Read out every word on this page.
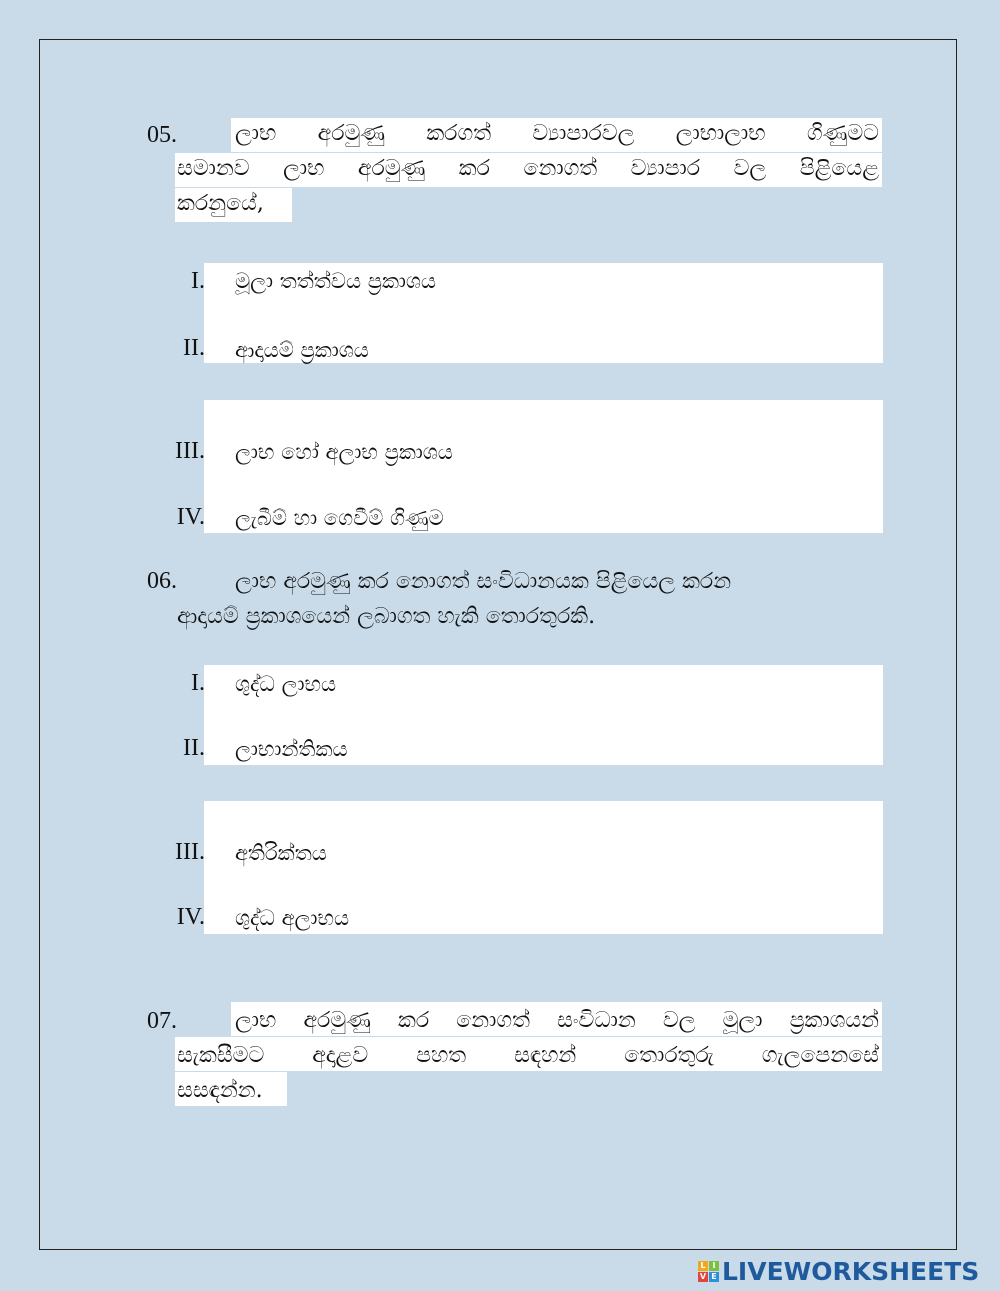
05.	ලාභ අරමුණු කරගත් ව්‍යාපාරවල ලාභාලාභ ගිණුමට
සමානව ලාභ අරමුණු කර නොගත් ව්‍යාපාර වල පිළියෙළ
කරනුයේ,
I. මූලා තත්ත්වය ප්‍රකාශය
II. ආදායම් ප්‍රකාශය
III. ලාභ හෝ අලාභ ප්‍රකාශය
IV. ලැබීම් හා ගෙවීම් ගිණුම
06.	ලාභ අරමුණු කර නොගත් සංවිධානයක පිළියෙල කරන
ආදායම් ප්‍රකාශයෙන් ලබාගත හැකි තොරතුරකි.
I. ශුද්ධ ලාභය
II. ලාභාන්තිකය
III. අතිරික්තය
IV. ශුද්ධ අලාභය
07.	ලාභ අරමුණු කර නොගත් සංවිධාන වල මූලා ප්‍රකාශයන්
සැකසීමට අදාළව පහත සඳහන් තොරතුරු ගැලපෙනසේ
සසඳන්න.
L I
V E LIVEWORKSHEETS
